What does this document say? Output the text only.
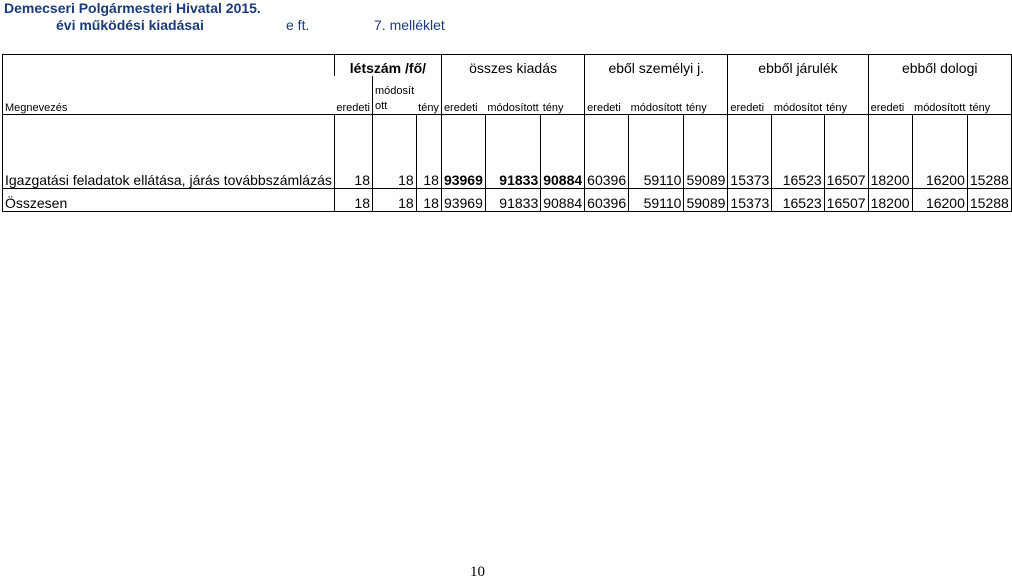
Demecseri Polgármesteri Hivatal 2015.
évi működési kiadásai	e ft.	7. melléklet
	létszám /fő/			összes kiadás			eből személyi j.			ebből járulék			ebből dologi		
Megnevezés	eredeti	módosít ott	tény	eredeti	módosított	tény	eredeti	módosított	tény	eredeti	módosítot	tény	eredeti	módosított	tény
Igazgatási feladatok ellátása, járás továbbszámlázás	18	18	18	93969	91833	90884	60396	59110	59089	15373	16523	16507	18200	16200	15288
Összesen	18	18	18	93969	91833	90884	60396	59110	59089	15373	16523	16507	18200	16200	15288
10
